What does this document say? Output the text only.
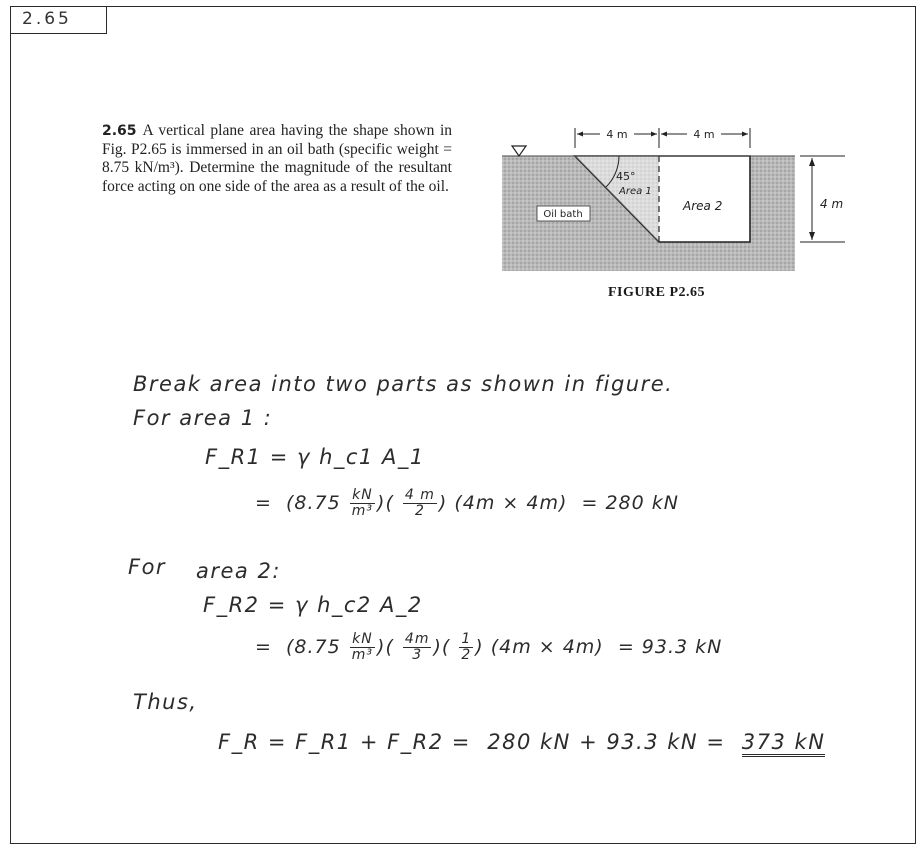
2.65
2.65 A vertical plane area having the shape shown in Fig. P2.65 is immersed in an oil bath (specific weight = 8.75 kN/m³). Determine the magnitude of the resultant force acting on one side of the area as a result of the oil.
4 m	4 m
45°
Area 1
Area 2
Oil bath
4 m
FIGURE P2.65
Break area into two parts as shown in figure.
For area 1 :
F_R1 = γ h_c1 A_1
= ($8.75 \frac{kN}{\text{m³}}$ )( $\frac{4 m}{2}$ ) (4m × 4m) = 280 kN
For area 2:
F_R2 = γ h_c2 A_2
= ($8.75 \frac{kN}{\text{m³}}$ )( $\frac{4m}{3}$ )( $\frac{1}{2}$ ) (4m × 4m) = 93.3 kN
Thus,
F_R = F_R1 + F_R2 = 280 kN + 93.3 kN = 373 kN
